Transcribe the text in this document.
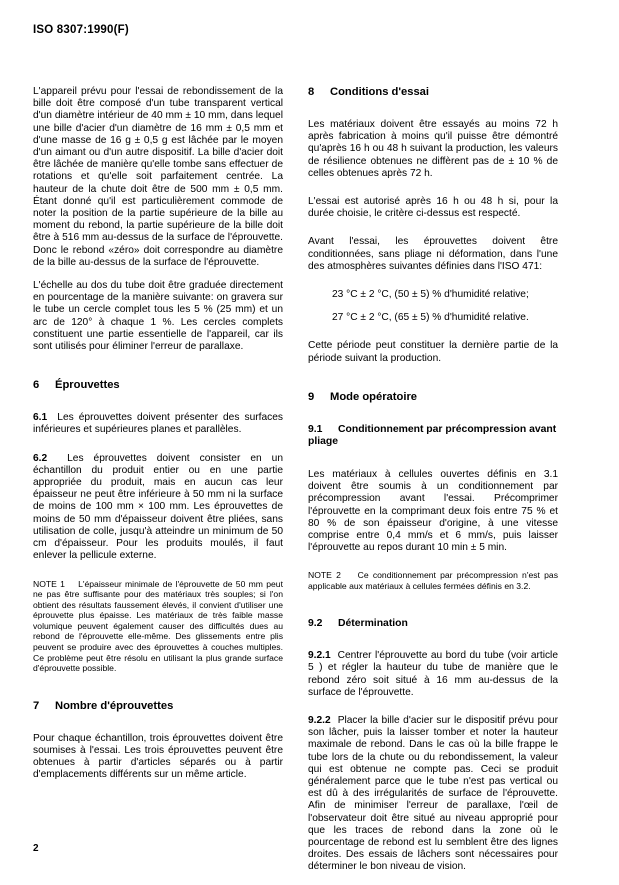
ISO 8307:1990(F)

L'appareil prévu pour l'essai de rebondissement de la bille doit être composé d'un tube transparent vertical d'un diamètre intérieur de 40 mm ± 10 mm, dans lequel une bille d'acier d'un diamètre de 16 mm ± 0,5 mm et d'une masse de 16 g ± 0,5 g est lâchée par le moyen d'un aimant ou d'un autre dispositif. La bille d'acier doit être lâchée de manière qu'elle tombe sans effectuer de rotations et qu'elle soit parfaitement centrée. La hauteur de la chute doit être de 500 mm ± 0,5 mm. Étant donné qu'il est particulièrement commode de noter la position de la partie supérieure de la bille au moment du rebond, la partie supérieure de la bille doit être à 516 mm au-dessus de la surface de l'éprouvette. Donc le rebond «zéro» doit correspondre au diamètre de la bille au-dessus de la surface de l'éprouvette.

L'échelle au dos du tube doit être graduée directement en pourcentage de la manière suivante: on gravera sur le tube un cercle complet tous les 5 % (25 mm) et un arc de 120° à chaque 1 %. Les cercles complets constituent une partie essentielle de l'appareil, car ils sont utilisés pour éliminer l'erreur de parallaxe.

6 Éprouvettes

6.1 Les éprouvettes doivent présenter des surfaces inférieures et supérieures planes et parallèles.

6.2 Les éprouvettes doivent consister en un échantillon du produit entier ou en une partie appropriée du produit, mais en aucun cas leur épaisseur ne peut être inférieure à 50 mm ni la surface de moins de 100 mm × 100 mm. Les éprouvettes de moins de 50 mm d'épaisseur doivent être pliées, sans utilisation de colle, jusqu'à atteindre un minimum de 50 cm d'épaisseur. Pour les produits moulés, il faut enlever la pellicule externe.

NOTE 1 L'épaisseur minimale de l'éprouvette de 50 mm peut ne pas être suffisante pour des matériaux très souples; si l'on obtient des résultats faussement élevés, il convient d'utiliser une éprouvette plus épaisse. Les matériaux de très faible masse volumique peuvent également causer des difficultés dues au rebond de l'éprouvette elle-même. Des glissements entre plis peuvent se produire avec des éprouvettes à couches multiples. Ce problème peut être résolu en utilisant la plus grande surface d'éprouvette possible.

7 Nombre d'éprouvettes

Pour chaque échantillon, trois éprouvettes doivent être soumises à l'essai. Les trois éprouvettes peuvent être obtenues à partir d'articles séparés ou à partir d'emplacements différents sur un même article.

8 Conditions d'essai

Les matériaux doivent être essayés au moins 72 h après fabrication à moins qu'il puisse être démontré qu'après 16 h ou 48 h suivant la production, les valeurs de résilience obtenues ne diffèrent pas de ± 10 % de celles obtenues après 72 h.

L'essai est autorisé après 16 h ou 48 h si, pour la durée choisie, le critère ci-dessus est respecté.

Avant l'essai, les éprouvettes doivent être conditionnées, sans pliage ni déformation, dans l'une des atmosphères suivantes définies dans l'ISO 471:

23 °C ± 2 °C, (50 ± 5) % d'humidité relative;

27 °C ± 2 °C, (65 ± 5) % d'humidité relative.

Cette période peut constituer la dernière partie de la période suivant la production.

9 Mode opératoire
9.1 Conditionnement par précompression avant pliage

Les matériaux à cellules ouvertes définis en 3.1 doivent être soumis à un conditionnement par précompression avant l'essai. Précomprimer l'éprouvette en la comprimant deux fois entre 75 % et 80 % de son épaisseur d'origine, à une vitesse comprise entre 0,4 mm/s et 6 mm/s, puis laisser l'éprouvette au repos durant 10 min ± 5 min.

NOTE 2 Ce conditionnement par précompression n'est pas applicable aux matériaux à cellules fermées définis en 3.2.

9.2 Détermination

9.2.1 Centrer l'éprouvette au bord du tube (voir article 5 ) et régler la hauteur du tube de manière que le rebond zéro soit situé à 16 mm au-dessus de la surface de l'éprouvette.

9.2.2 Placer la bille d'acier sur le dispositif prévu pour son lâcher, puis la laisser tomber et noter la hauteur maximale de rebond. Dans le cas où la bille frappe le tube lors de la chute ou du rebondissement, la valeur qui est obtenue ne compte pas. Ceci se produit généralement parce que le tube n'est pas vertical ou est dû à des irrégularités de surface de l'éprouvette. Afin de minimiser l'erreur de parallaxe, l'œil de l'observateur doit être situé au niveau approprié pour que les traces de rebond dans la zone où le pourcentage de rebond est lu semblent être des lignes droites. Des essais de lâchers sont nécessaires pour déterminer le bon niveau de vision.

2
